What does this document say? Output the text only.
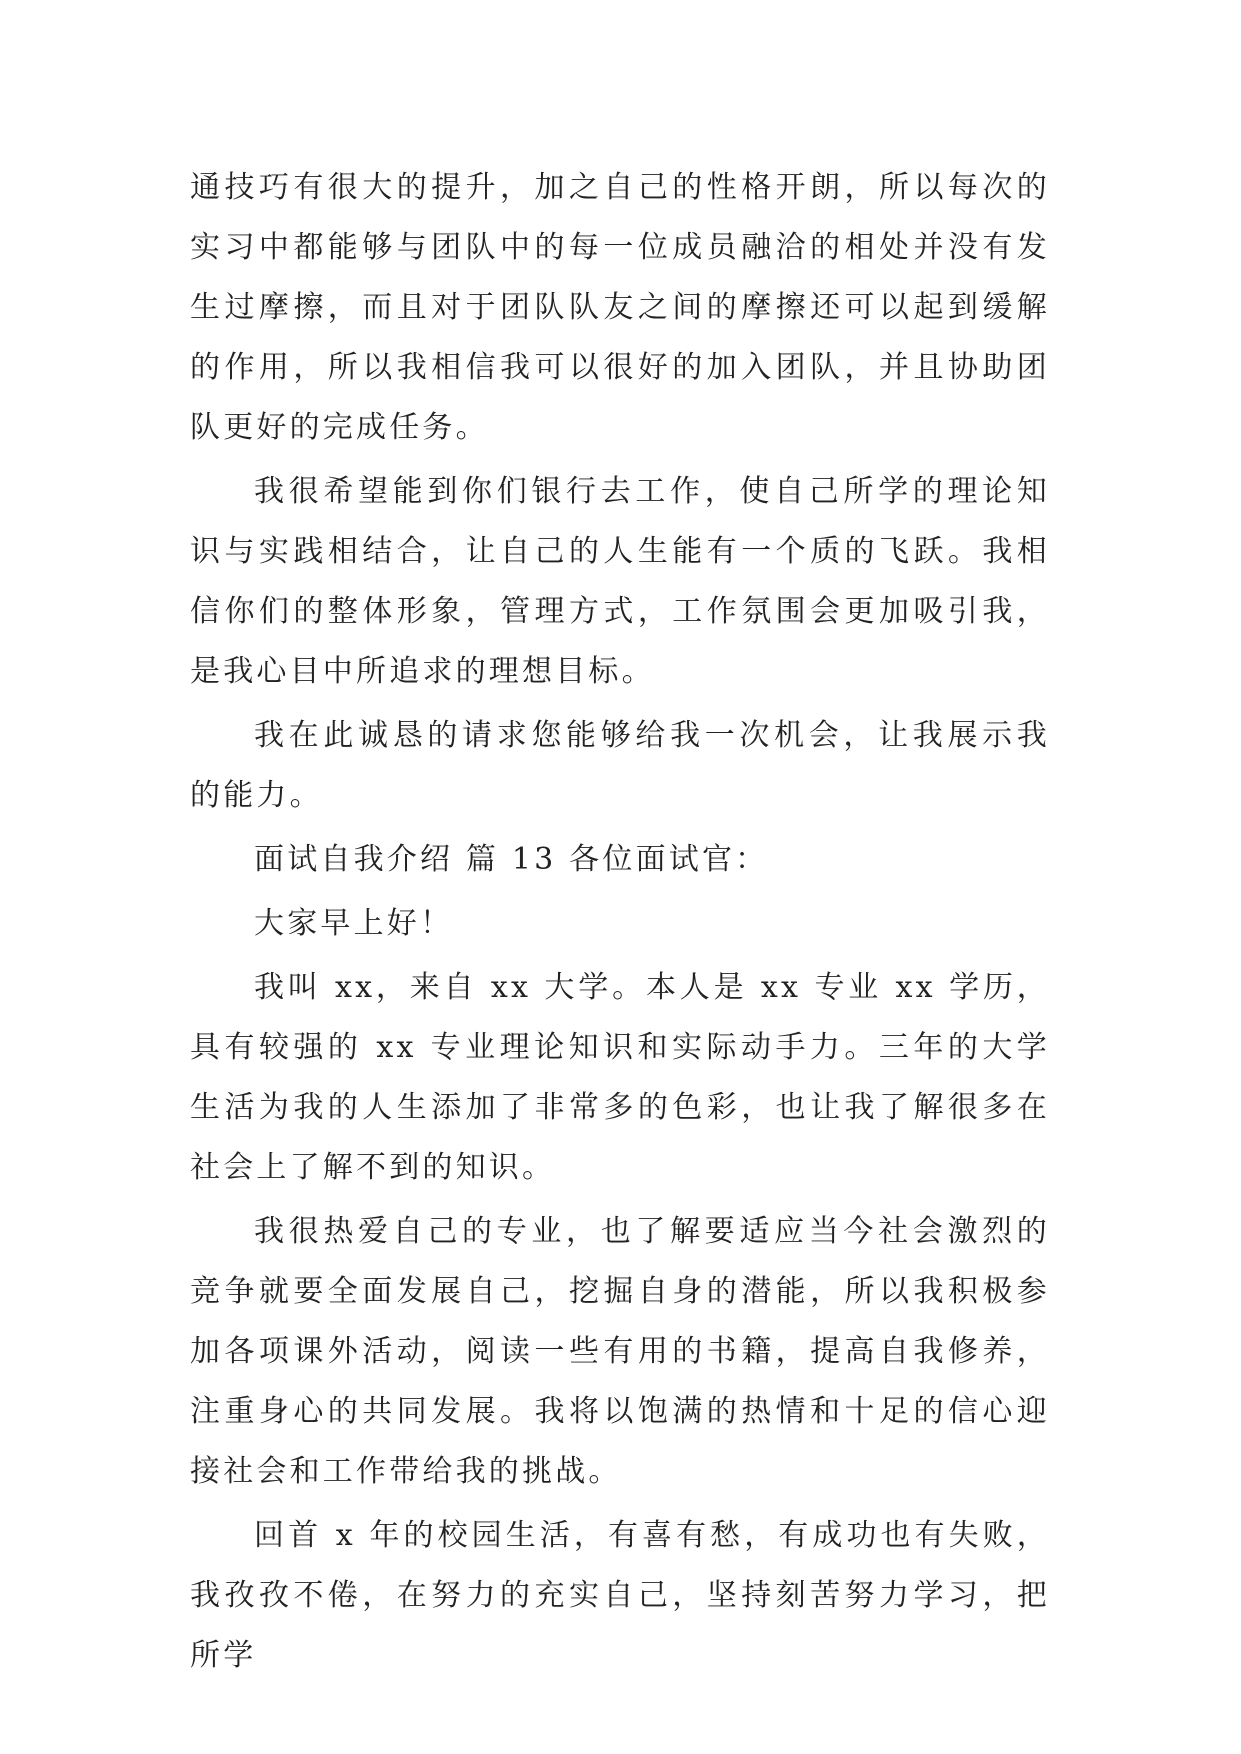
通技巧有很大的提升，加之自己的性格开朗，所以每次的实习中都能够与团队中的每一位成员融洽的相处并没有发生过摩擦，而且对于团队队友之间的摩擦还可以起到缓解的作用，所以我相信我可以很好的加入团队，并且协助团队更好的完成任务。

我很希望能到你们银行去工作，使自己所学的理论知识与实践相结合，让自己的人生能有一个质的飞跃。我相信你们的整体形象，管理方式，工作氛围会更加吸引我，是我心目中所追求的理想目标。

我在此诚恳的请求您能够给我一次机会，让我展示我的能力。

面试自我介绍 篇 13 各位面试官：

大家早上好！

我叫 xx，来自 xx 大学。本人是 xx 专业 xx 学历，具有较强的 xx 专业理论知识和实际动手力。三年的大学生活为我的人生添加了非常多的色彩，也让我了解很多在社会上了解不到的知识。

我很热爱自己的专业，也了解要适应当今社会激烈的竞争就要全面发展自己，挖掘自身的潜能，所以我积极参加各项课外活动，阅读一些有用的书籍，提高自我修养，注重身心的共同发展。我将以饱满的热情和十足的信心迎接社会和工作带给我的挑战。

回首 x 年的校园生活，有喜有愁，有成功也有失败，我孜孜不倦，在努力的充实自己，坚持刻苦努力学习，把所学
